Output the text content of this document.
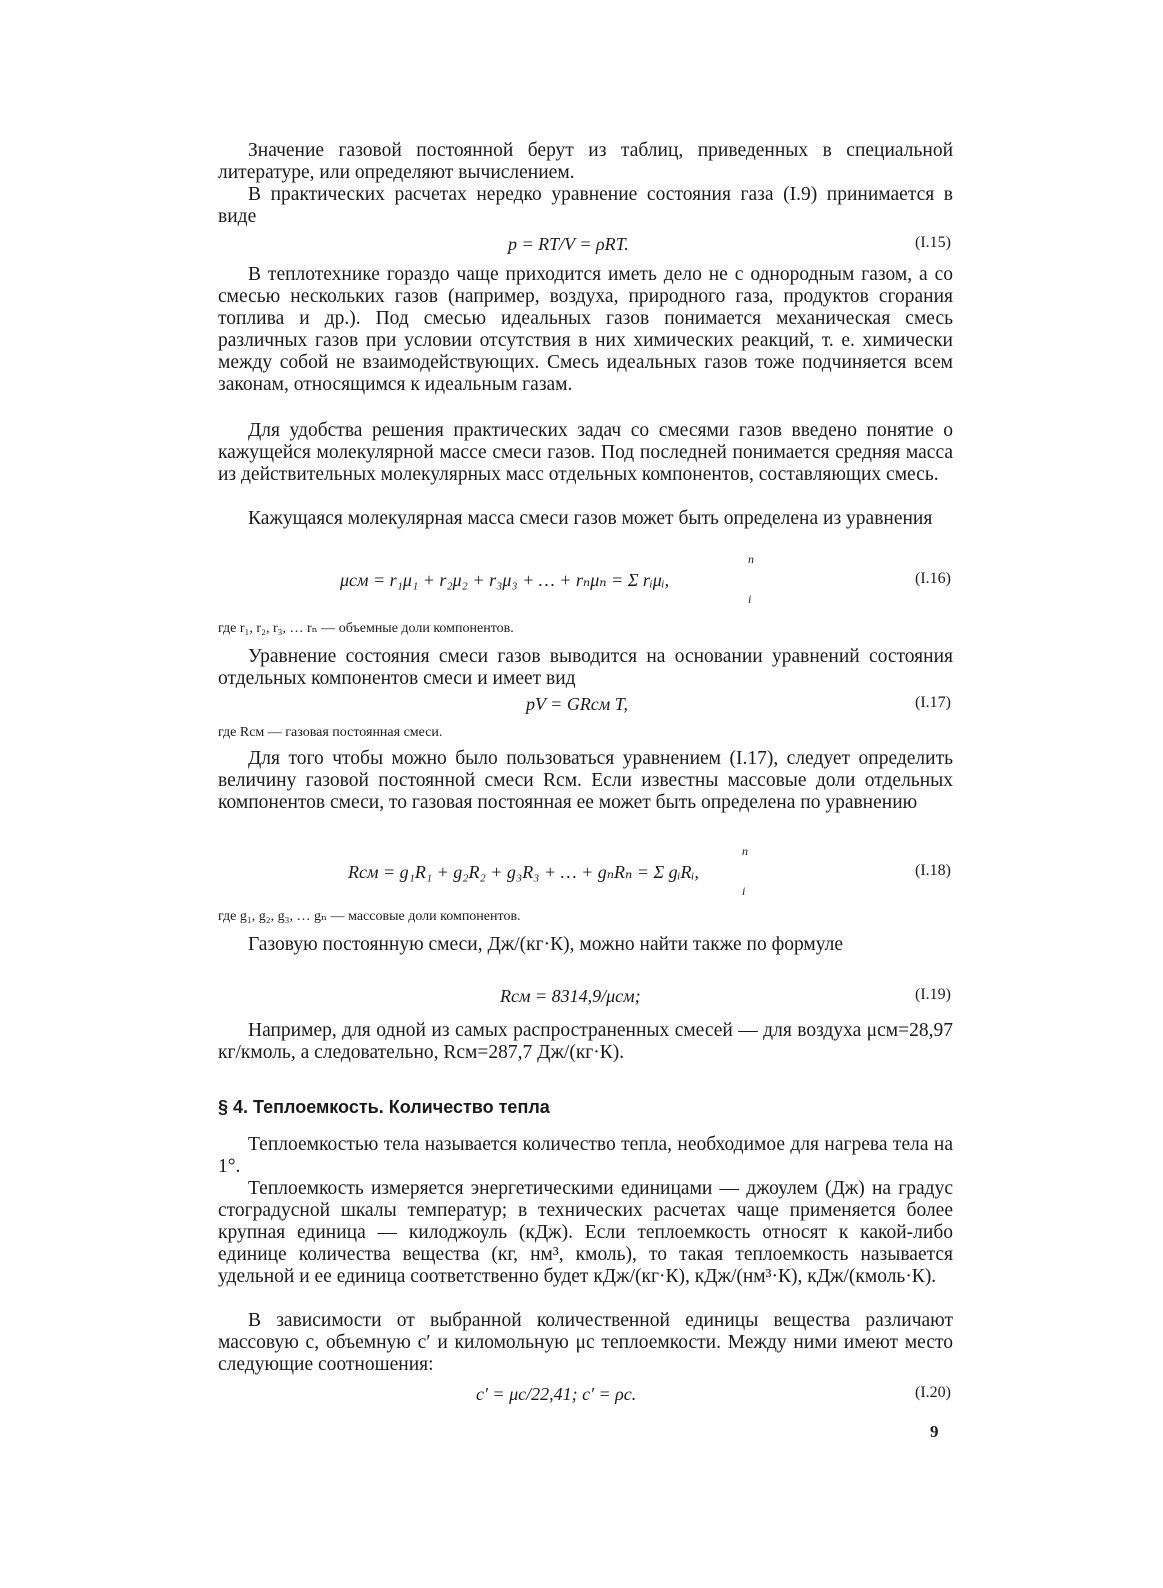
Значение газовой постоянной берут из таблиц, приведенных в специальной литературе, или определяют вычислением.

В практических расчетах нередко уравнение состояния газа (I.9) принимается в виде

p = RT/V = ρRT.	(I.15)

В теплотехнике гораздо чаще приходится иметь дело не с однородным газом, а со смесью нескольких газов (например, воздуха, природного газа, продуктов сгорания топлива и др.). Под смесью идеальных газов понимается механическая смесь различных газов при условии отсутствия в них химических реакций, т. е. химически между собой не взаимодействующих. Смесь идеальных газов тоже подчиняется всем законам, относящимся к идеальным газам.

Для удобства решения практических задач со смесями газов введено понятие о кажущейся молекулярной массе смеси газов. Под последней понимается средняя масса из действительных молекулярных масс отдельных компонентов, составляющих смесь.

Кажущаяся молекулярная масса смеси газов может быть определена из уравнения

μсм = r₁μ₁ + r₂μ₂ + r₃μ₃ + … + rₙμₙ = Σ rᵢμᵢ,
n
i
(I.16)
где r₁, r₂, r₃, … rₙ — объемные доли компонентов.

Уравнение состояния смеси газов выводится на основании уравнений состояния отдельных компонентов смеси и имеет вид

pV = GRсм T,	(I.17)
где Rсм — газовая постоянная смеси.

Для того чтобы можно было пользоваться уравнением (I.17), следует определить величину газовой постоянной смеси Rсм. Если известны массовые доли отдельных компонентов смеси, то газовая постоянная ее может быть определена по уравнению

Rсм = g₁R₁ + g₂R₂ + g₃R₃ + … + gₙRₙ = Σ gᵢRᵢ,
n
i
(I.18)
где g₁, g₂, g₃, … gₙ — массовые доли компонентов.

Газовую постоянную смеси, Дж/(кг·К), можно найти также по формуле

Rсм = 8314,9/μсм;	(I.19)

Например, для одной из самых распространенных смесей — для воздуха μсм=28,97 кг/кмоль, а следовательно, Rсм=287,7 Дж/(кг·К).

§ 4. Теплоемкость. Количество тепла

Теплоемкостью тела называется количество тепла, необходимое для нагрева тела на 1°.

Теплоемкость измеряется энергетическими единицами — джоулем (Дж) на градус стоградусной шкалы температур; в технических расчетах чаще применяется более крупная единица — килоджоуль (кДж). Если теплоемкость относят к какой-либо единице количества вещества (кг, нм³, кмоль), то такая теплоемкость называется удельной и ее единица соответственно будет кДж/(кг·К), кДж/(нм³·К), кДж/(кмоль·К).

В зависимости от выбранной количественной единицы вещества различают массовую c, объемную c′ и киломольную μc теплоемкости. Между ними имеют место следующие соотношения:

c′ = μc/22,41; c′ = ρc.	(I.20)
9
